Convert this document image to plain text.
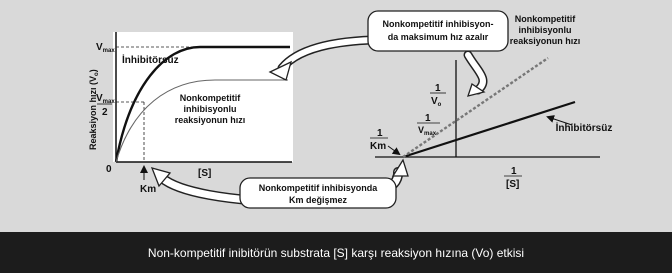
$V_{max}$
$V_{max}$
2
0	[S]
Km
Reaksiyon hızı $(V_o)$
İnhibitörsüz
Nonkompetitif
inhibisyonlu
reaksiyonun hızı
1
$V_o$
1
$V_{max}$
1
Km
1
[S]
Nonkompetitif
inhibisyonlu
reaksiyonun hızı
İnhibitörsüz
Nonkompetitif inhibisyon-
da maksimum hız azalır
Nonkompetitif inhibisyonda
Km değişmez
Non-kompetitif inibitörün substrata [S] karşı reaksiyon hızına (Vo) etkisi
